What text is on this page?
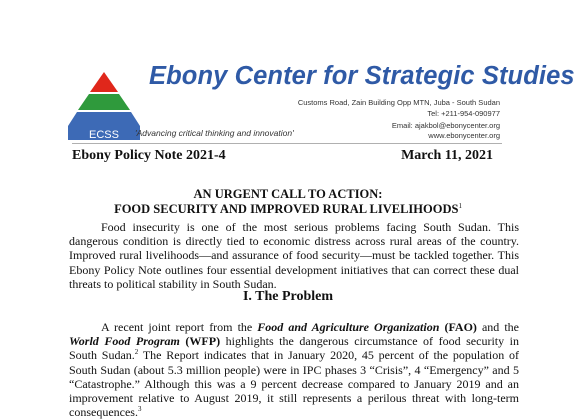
ECSS
Ebony Center for Strategic Studies
Customs Road, Zain Building Opp MTN, Juba - South Sudan
Tel: +211-954-090977
Email: ajakbol@ebonycenter.org
www.ebonycenter.org
'Advancing critical thinking and innovation'
Ebony Policy Note 2021-4	March 11, 2021
AN URGENT CALL TO ACTION:
FOOD SECURITY AND IMPROVED RURAL LIVELIHOODS$^1$

Food insecurity is one of the most serious problems facing South Sudan. This dangerous condition is directly tied to economic distress across rural areas of the country. Improved rural livelihoods—and assurance of food security—must be tackled together. This Ebony Policy Note outlines four essential development initiatives that can correct these dual threats to political stability in South Sudan.

I. The Problem

A recent joint report from the Food and Agriculture Organization (FAO) and the World Food Program (WFP) highlights the dangerous circumstance of food security in South Sudan.$^2$ The Report indicates that in January 2020, 45 percent of the population of South Sudan (about 5.3 million people) were in IPC phases 3 “Crisis”, 4 “Emergency” and 5 “Catastrophe.” Although this was a 9 percent decrease compared to January 2019 and an improvement relative to August 2019, it still represents a perilous threat with long-term consequences.$^3$
